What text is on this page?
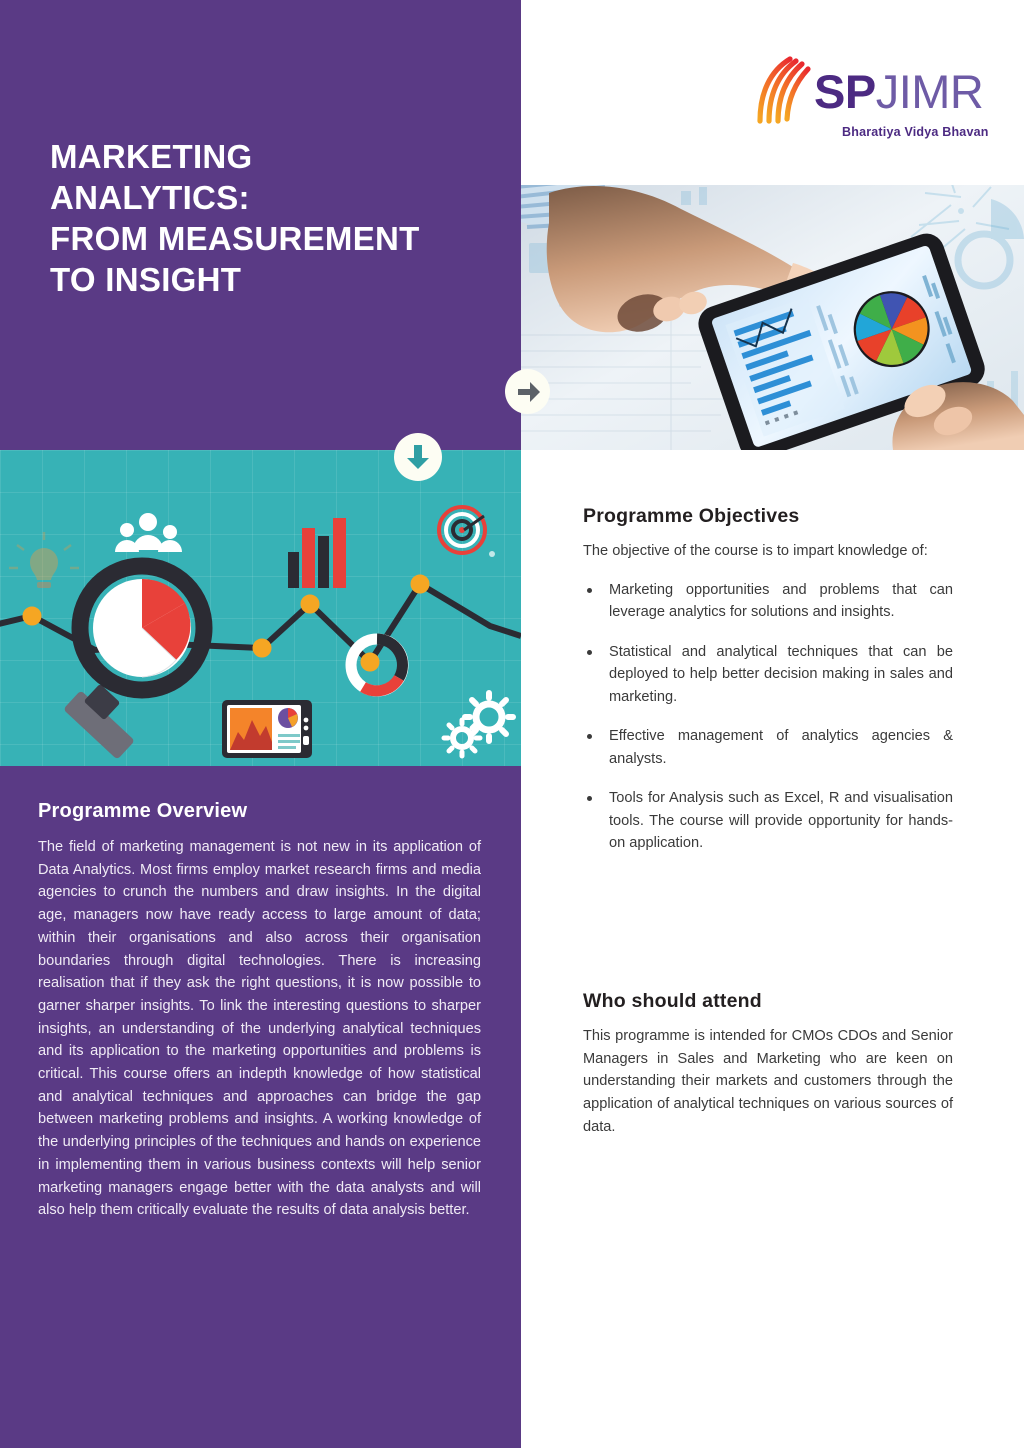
MARKETING
ANALYTICS:
FROM MEASUREMENT
TO INSIGHT
SPJIMR
Bharatiya Vidya Bhavan
Programme Overview

The field of marketing management is not new in its application of Data Analytics. Most firms employ market research firms and media agencies to crunch the numbers and draw insights. In the digital age, managers now have ready access to large amount of data; within their organisations and also across their organisation boundaries through digital technologies. There is increasing realisation that if they ask the right questions, it is now possible to garner sharper insights. To link the interesting questions to sharper insights, an understanding of the underlying analytical techniques and its application to the marketing opportunities and problems is critical. This course offers an indepth knowledge of how statistical and analytical techniques and approaches can bridge the gap between marketing problems and insights. A working knowledge of the underlying principles of the techniques and hands on experience in implementing them in various business contexts will help senior marketing managers engage better with the data analysts and will also help them critically evaluate the results of data analysis better.

Programme Objectives
The objective of the course is to impart knowledge of:
Marketing opportunities and problems that can leverage analytics for solutions and insights.
Statistical and analytical techniques that can be deployed to help better decision making in sales and marketing.
Effective management of analytics agencies & analysts.
Tools for Analysis such as Excel, R and visualisation tools. The course will provide opportunity for hands-on application.
Who should attend

This programme is intended for CMOs CDOs and Senior Managers in Sales and Marketing who are keen on understanding their markets and customers through the application of analytical techniques on various sources of data.
